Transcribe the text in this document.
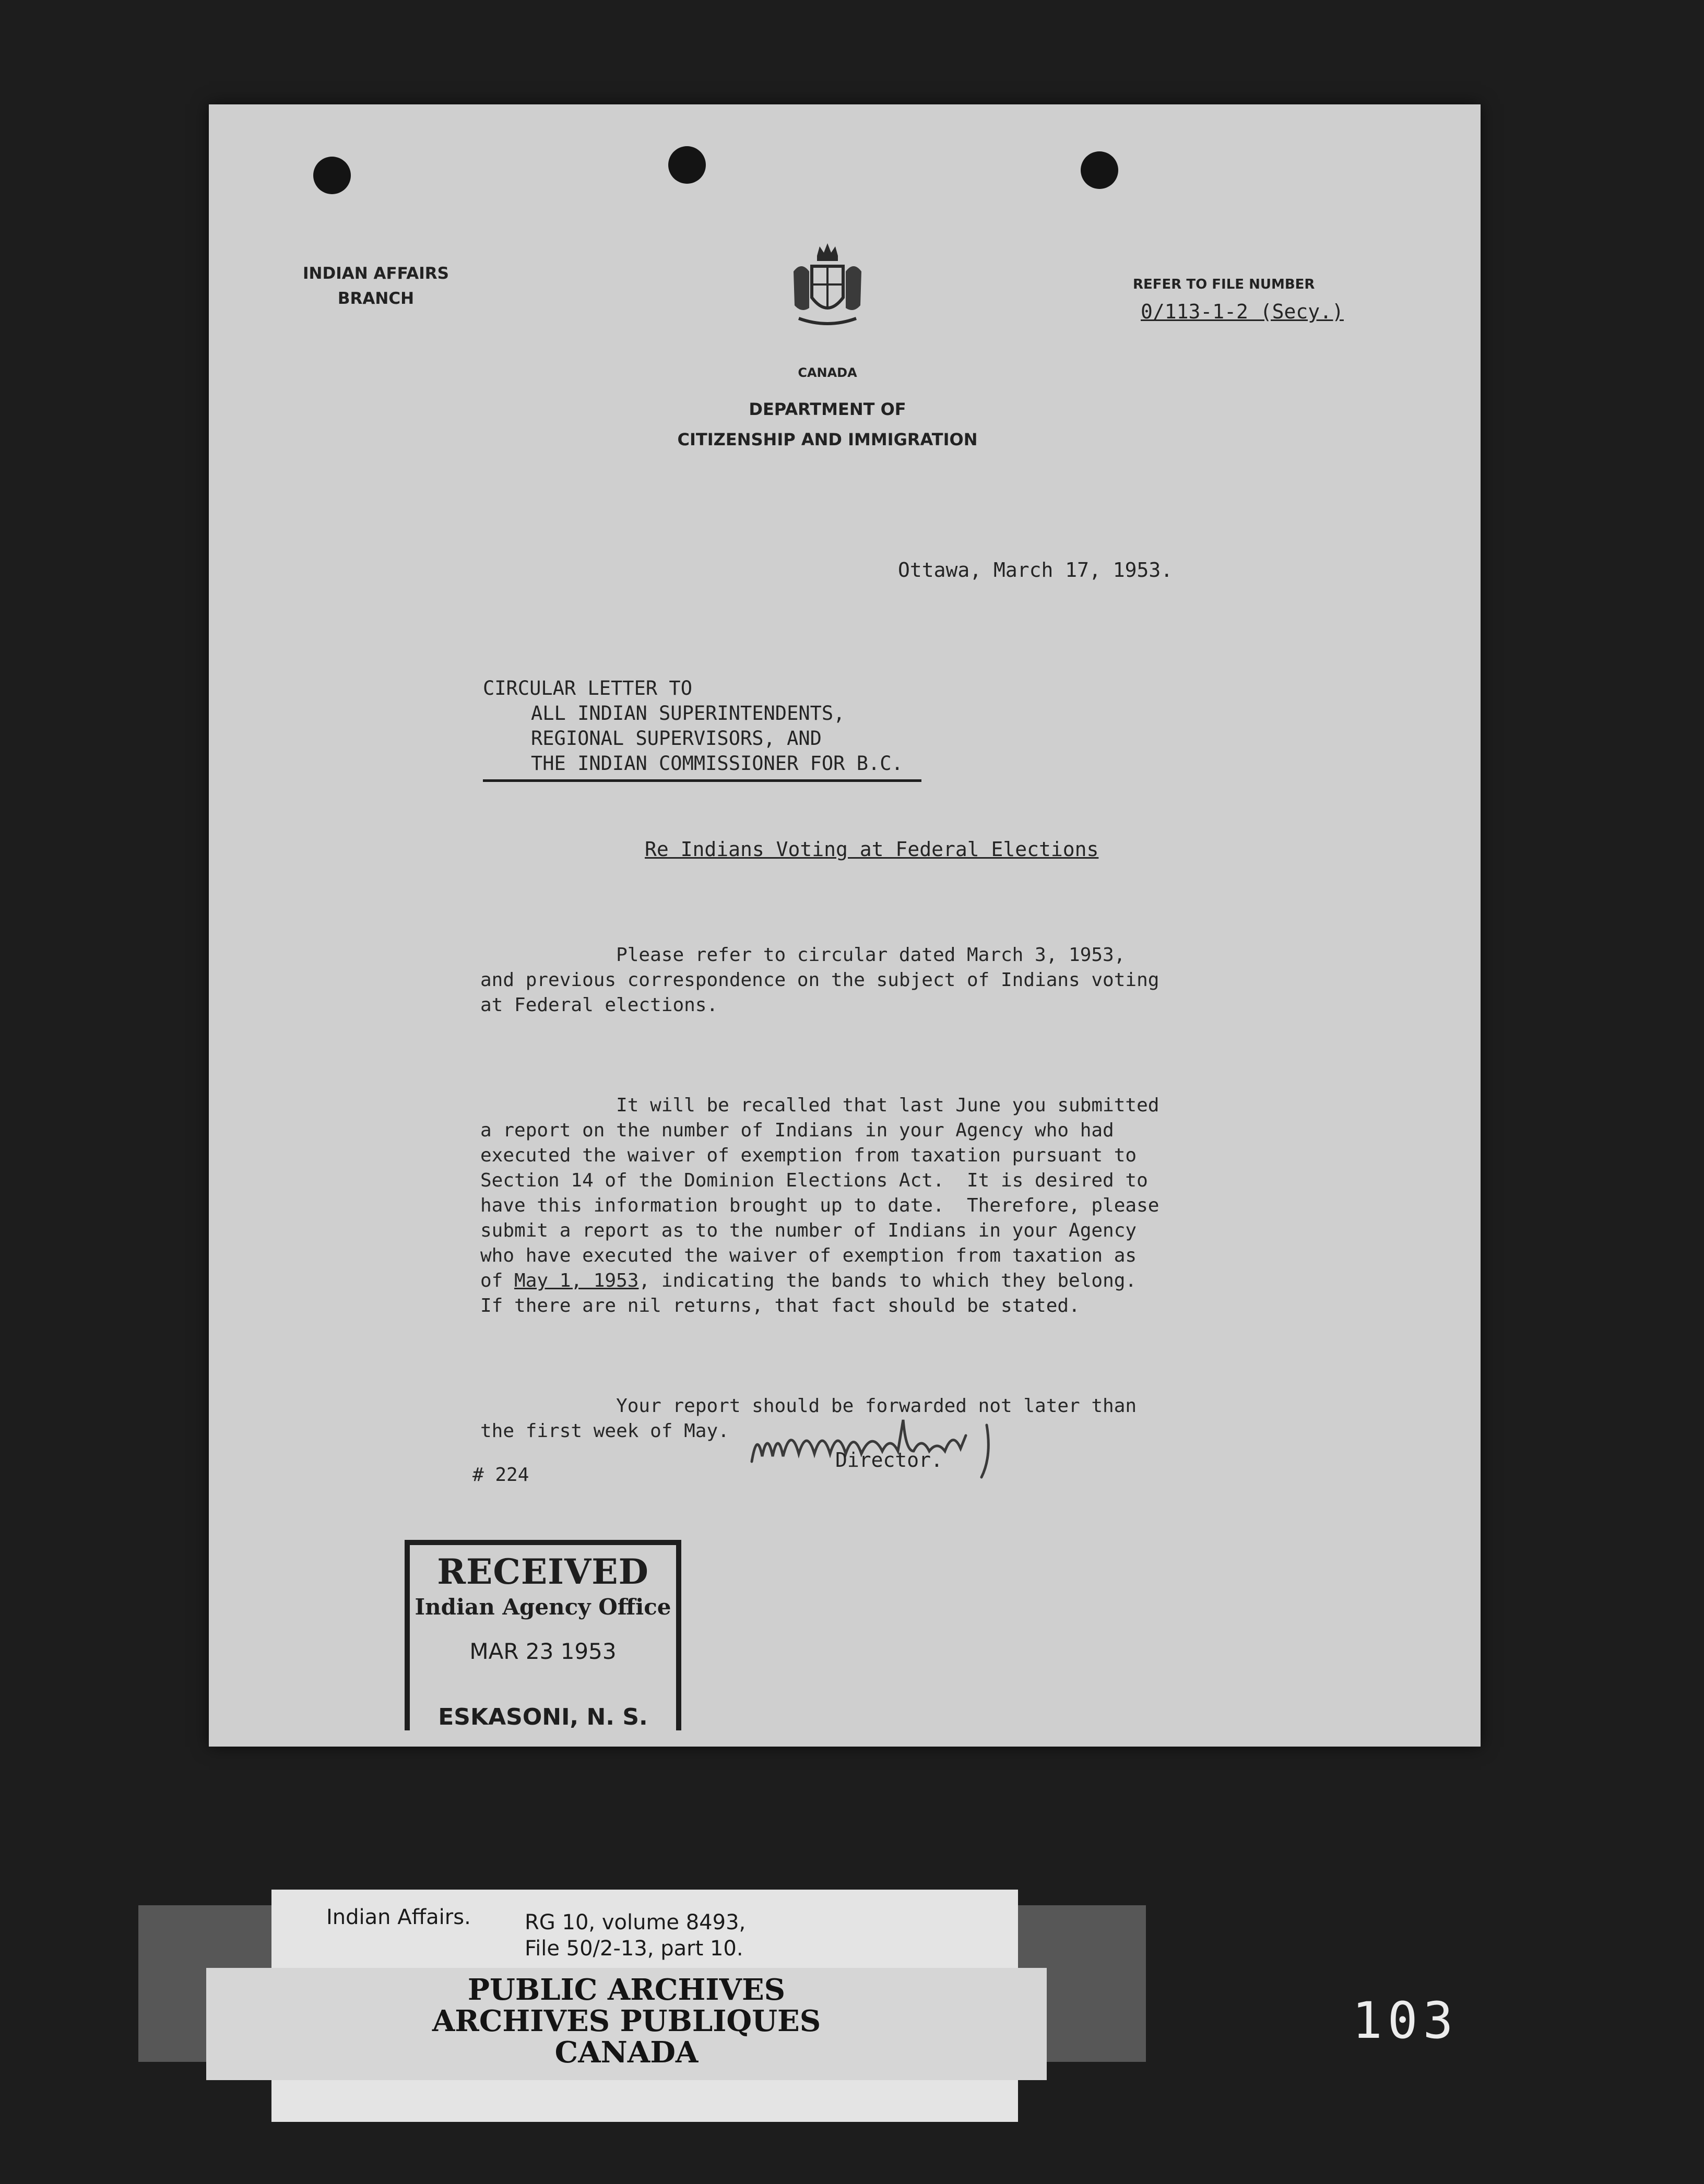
INDIAN AFFAIRS
BRANCH
CANADA
DEPARTMENT OF
CITIZENSHIP AND IMMIGRATION
REFER TO FILE NUMBER
0/113-1-2 (Secy.)
Ottawa, March 17, 1953.
CIRCULAR LETTER TO
ALL INDIAN SUPERINTENDENTS,
REGIONAL SUPERVISORS, AND
THE INDIAN COMMISSIONER FOR B.C.
Re Indians Voting at Federal Elections

Please refer to circular dated March 3, 1953,
and previous correspondence on the subject of Indians voting
at Federal elections.

It will be recalled that last June you submitted
a report on the number of Indians in your Agency who had
executed the waiver of exemption from taxation pursuant to
Section 14 of the Dominion Elections Act.  It is desired to
have this information brought up to date.  Therefore, please
submit a report as to the number of Indians in your Agency
who have executed the waiver of exemption from taxation as
of May 1, 1953, indicating the bands to which they belong.
If there are nil returns, that fact should be stated.

Your report should be forwarded not later than
the first week of May.

Director.
# 224
RECEIVED
Indian Agency Office
MAR 23 1953
ESKASONI, N. S.
Indian Affairs.	RG 10, volume 8493,
File 50/2-13, part 10.
PUBLIC ARCHIVES
ARCHIVES PUBLIQUES
CANADA
103
